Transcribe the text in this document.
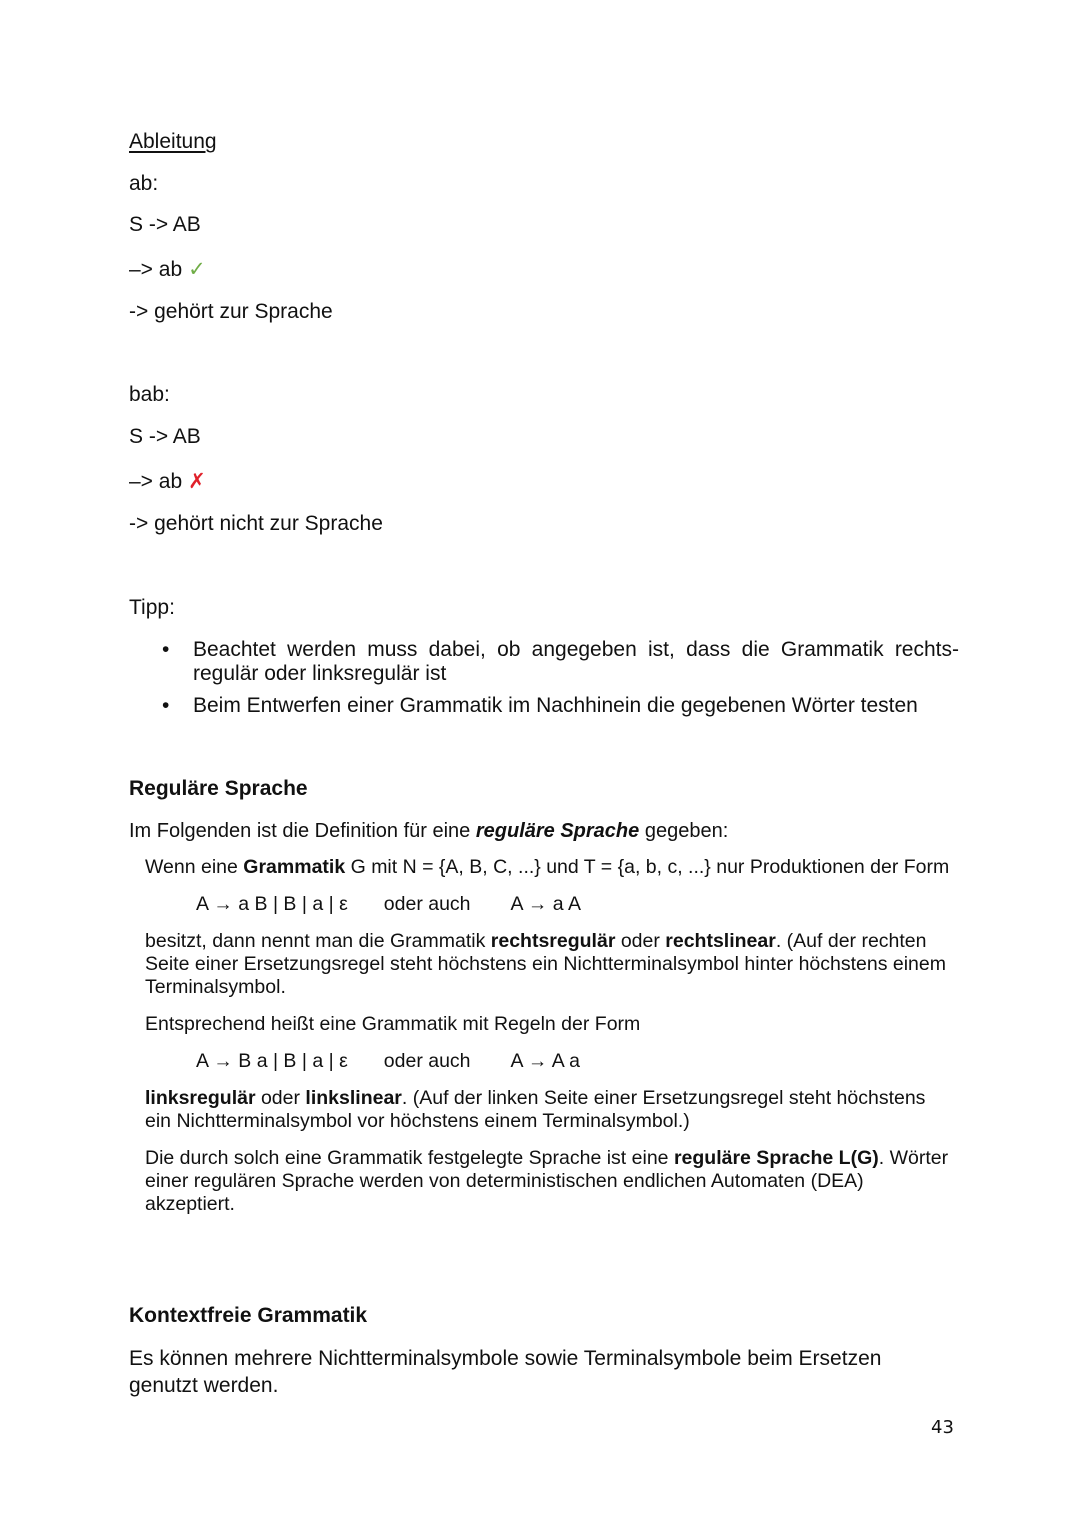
Ableitung
ab:
S -> AB
–> ab ✓
-> gehört zur Sprache
bab:
S -> AB
–> ab ✗
-> gehört nicht zur Sprache
Tipp:
• Beachtet werden muss dabei, ob angegeben ist, dass die Grammatik rechts-regulär oder linksregulär ist
• Beim Entwerfen einer Grammatik im Nachhinein die gegebenen Wörter testen
Reguläre Sprache
Im Folgenden ist die Definition für eine reguläre Sprache gegeben:

Wenn eine Grammatik G mit N = {A, B, C, ...} und T = {a, b, c, ...} nur Produktionen der Form

A → a B | B | a | ε oder auch A → a A

besitzt, dann nennt man die Grammatik rechtsregulär oder rechtslinear. (Auf der rechten Seite einer Ersetzungsregel steht höchstens ein Nichtterminalsymbol hinter höchstens einem Terminalsymbol.

Entsprechend heißt eine Grammatik mit Regeln der Form

A → B a | B | a | ε oder auch A → A a

linksregulär oder linkslinear. (Auf der linken Seite einer Ersetzungsregel steht höchstens ein Nichtterminalsymbol vor höchstens einem Terminalsymbol.)

Die durch solch eine Grammatik festgelegte Sprache ist eine reguläre Sprache L(G). Wörter einer regulären Sprache werden von deterministischen endlichen Automaten (DEA) akzeptiert.

Kontextfreie Grammatik
Es können mehrere Nichtterminalsymbole sowie Terminalsymbole beim Ersetzen genutzt werden.
43
